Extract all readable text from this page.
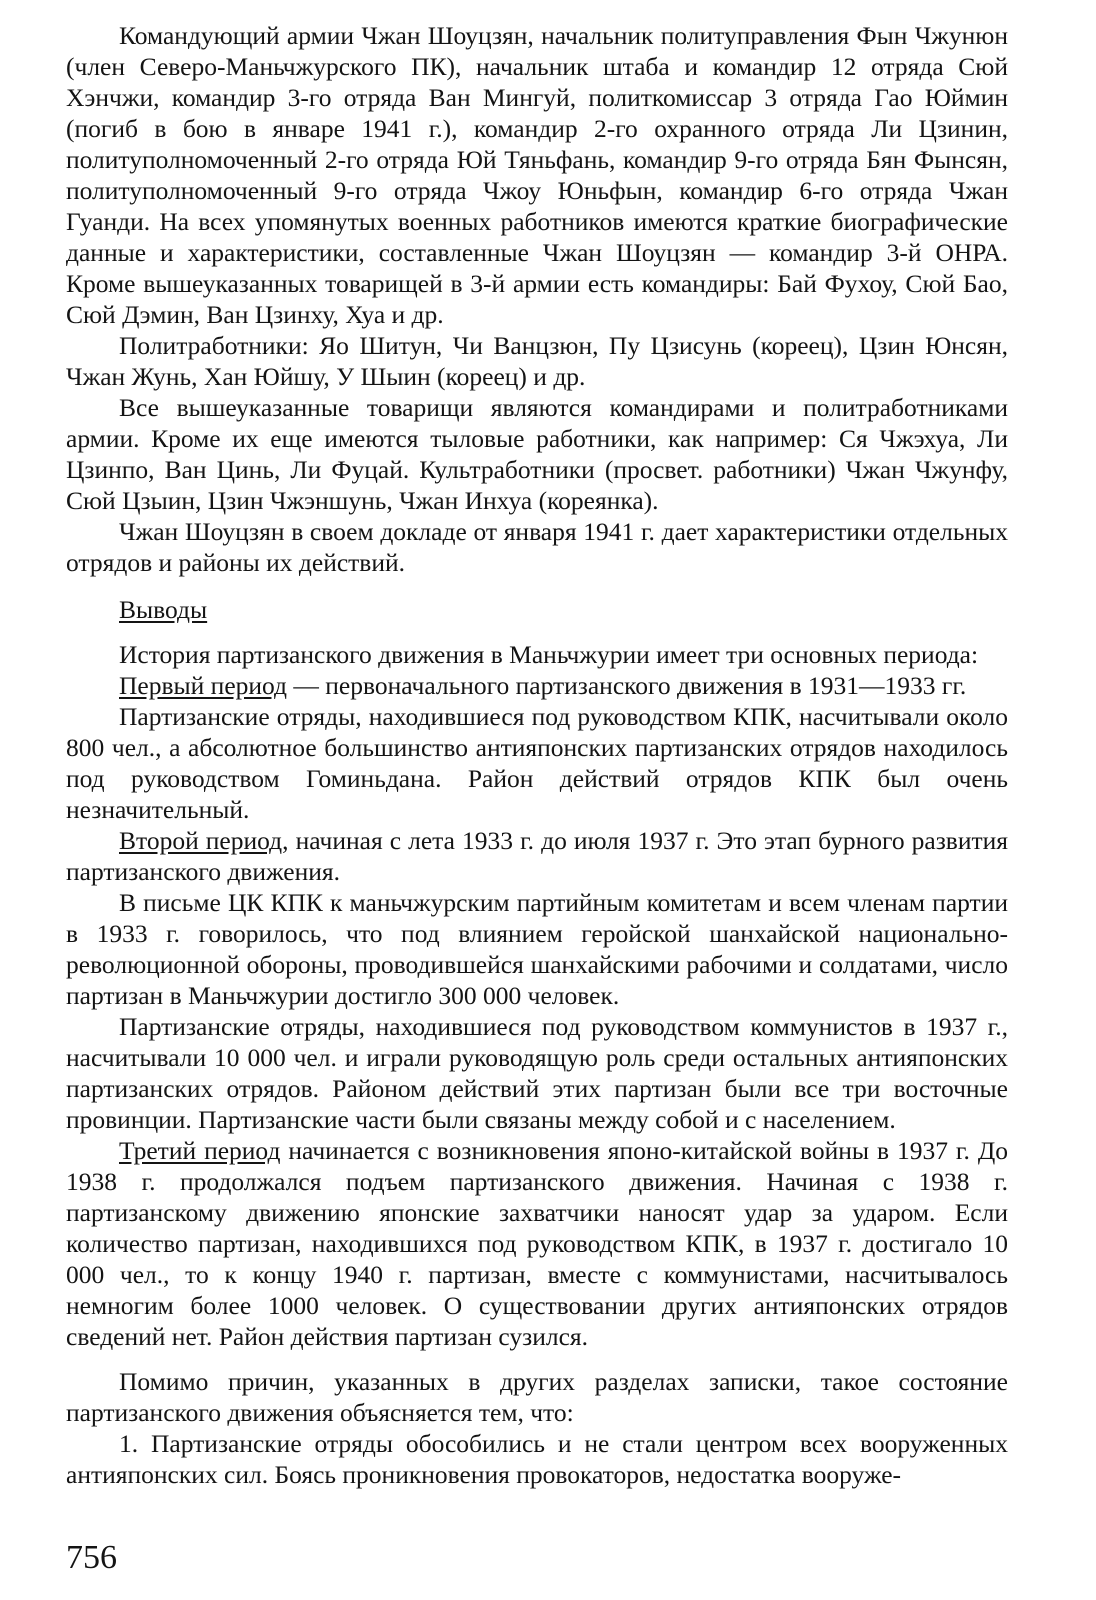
Командующий армии Чжан Шоуцзян, начальник политуправления Фын Чжунюн (член Северо-Маньчжурского ПК), начальник штаба и командир 12 отряда Сюй Хэнчжи, командир 3-го отряда Ван Мингуй, политкомиссар 3 отряда Гао Юймин (погиб в бою в январе 1941 г.), командир 2-го охранного отряда Ли Цзинин, политуполномоченный 2-го отряда Юй Тяньфань, командир 9-го отряда Бян Фынсян, политуполномоченный 9-го отряда Чжоу Юньфын, командир 6-го отряда Чжан Гуанди. На всех упомянутых военных работников имеются краткие биографические данные и характеристики, составленные Чжан Шоуцзян — командир 3-й ОНРА. Кроме вышеуказанных товарищей в 3-й армии есть командиры: Бай Фухоу, Сюй Бао, Сюй Дэмин, Ван Цзинху, Хуа и др.

Политработники: Яо Шитун, Чи Ванцзюн, Пу Цзисунь (кореец), Цзин Юнсян, Чжан Жунь, Хан Юйшу, У Шыин (кореец) и др.

Все вышеуказанные товарищи являются командирами и политработниками армии. Кроме их еще имеются тыловые работники, как например: Ся Чжэхуа, Ли Цзинпо, Ван Цинь, Ли Фуцай. Культработники (просвет. работники) Чжан Чжунфу, Сюй Цзыин, Цзин Чжэншунь, Чжан Инхуа (кореянка).

Чжан Шоуцзян в своем докладе от января 1941 г. дает характеристики отдельных отрядов и районы их действий.

Выводы

История партизанского движения в Маньчжурии имеет три основных периода:

Первый период — первоначального партизанского движения в 1931—1933 гг.

Партизанские отряды, находившиеся под руководством КПК, насчитывали около 800 чел., а абсолютное большинство антияпонских партизанских отрядов находилось под руководством Гоминьдана. Район действий отрядов КПК был очень незначительный.

Второй период, начиная с лета 1933 г. до июля 1937 г. Это этап бурного развития партизанского движения.

В письме ЦК КПК к маньчжурским партийным комитетам и всем членам партии в 1933 г. говорилось, что под влиянием геройской шанхайской национально-революционной обороны, проводившейся шанхайскими рабочими и солдатами, число партизан в Маньчжурии достигло 300 000 человек.

Партизанские отряды, находившиеся под руководством коммунистов в 1937 г., насчитывали 10 000 чел. и играли руководящую роль среди остальных антияпонских партизанских отрядов. Районом действий этих партизан были все три восточные провинции. Партизанские части были связаны между собой и с населением.

Третий период начинается с возникновения японо-китайской войны в 1937 г. До 1938 г. продолжался подъем партизанского движения. Начиная с 1938 г. партизанскому движению японские захватчики наносят удар за ударом. Если количество партизан, находившихся под руководством КПК, в 1937 г. достигало 10 000 чел., то к концу 1940 г. партизан, вместе с коммунистами, насчитывалось немногим более 1000 человек. О существовании других антияпонских отрядов сведений нет. Район действия партизан сузился.

Помимо причин, указанных в других разделах записки, такое состояние партизанского движения объясняется тем, что:

1. Партизанские отряды обособились и не стали центром всех вооруженных антияпонских сил. Боясь проникновения провокаторов, недостатка вооруже-

756
